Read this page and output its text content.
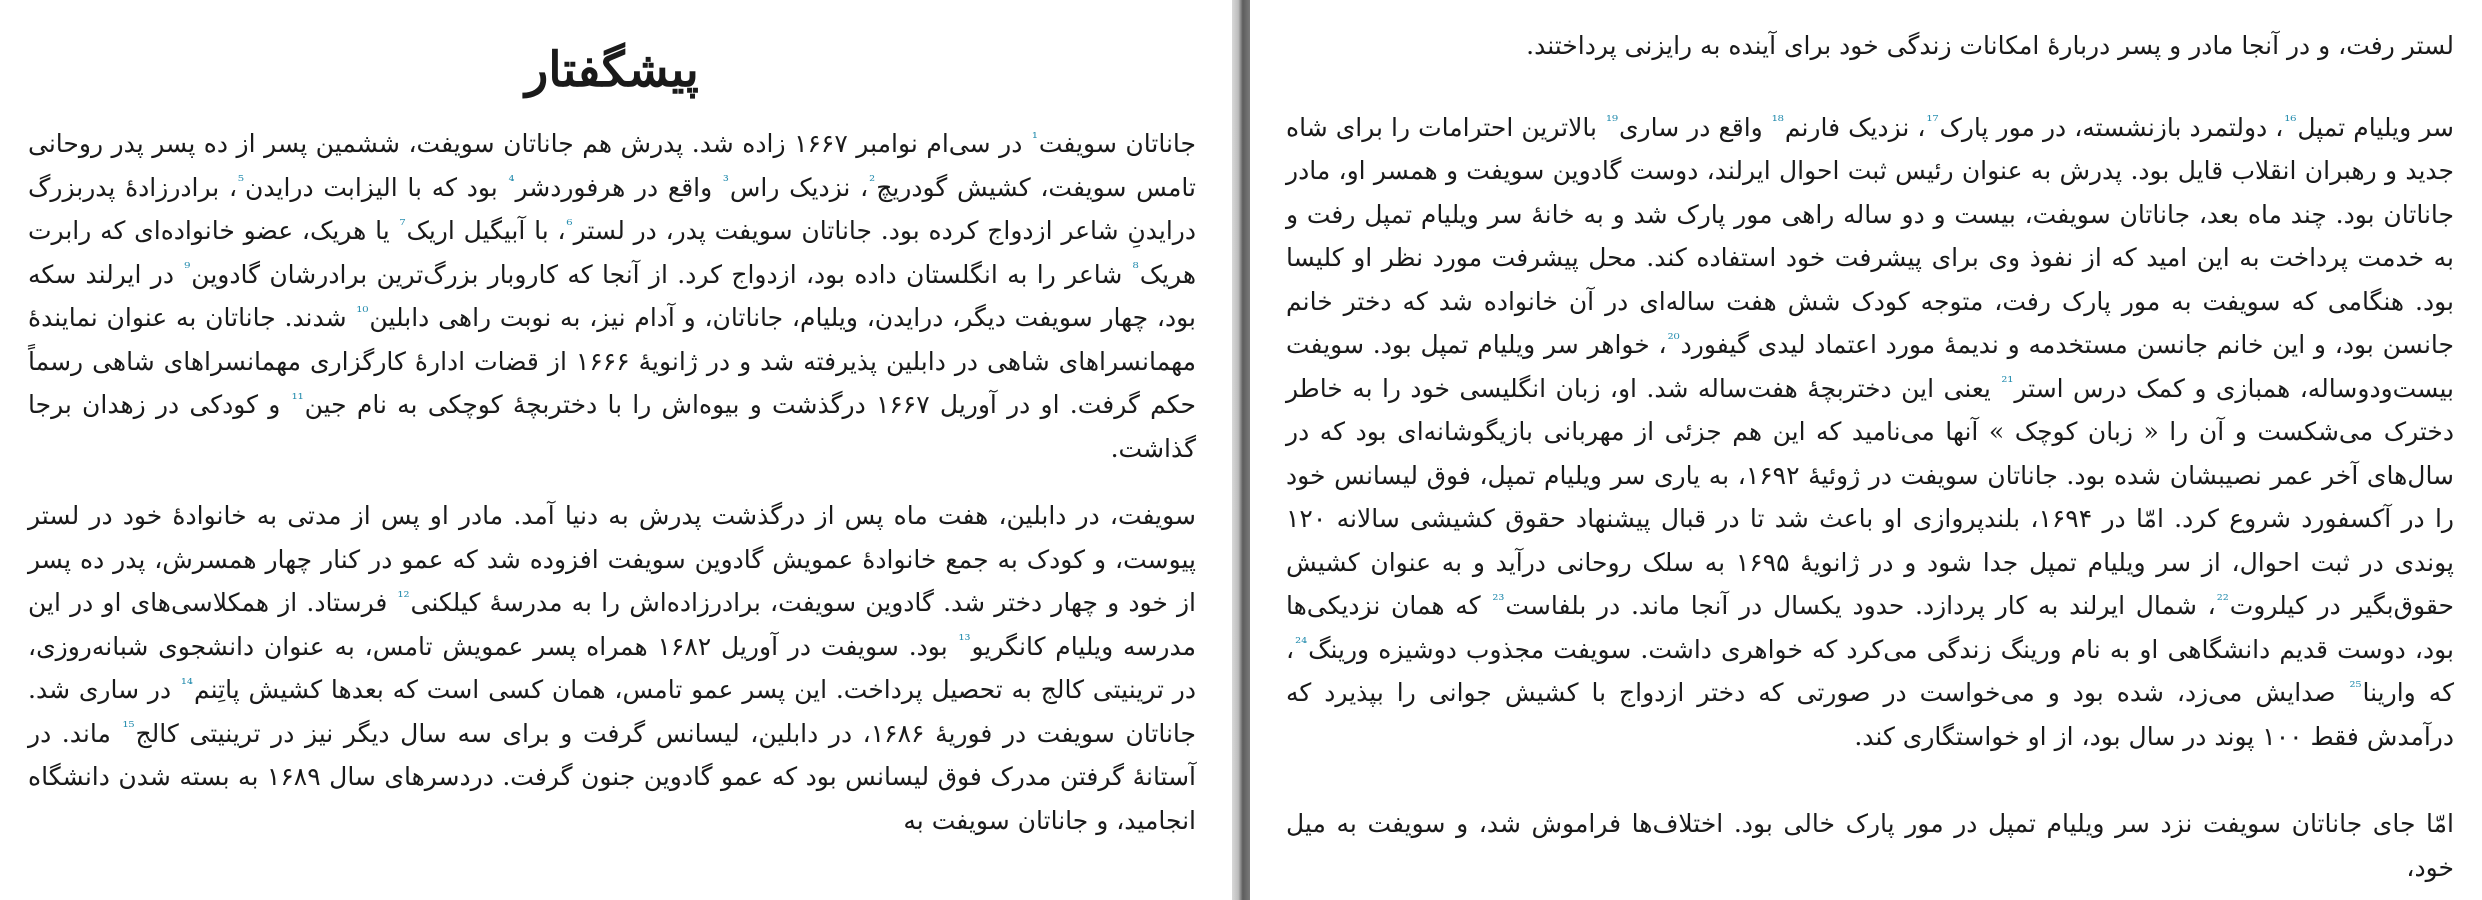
پیشگفتار

جاناتان سویفت$^{^1}$ در سی‌ام نوامبر ۱۶۶۷ زاده شد. پدرش هم جاناتان سویفت، ششمین پسر از ده پسر پدر روحانی تامس سویفت، کشیش گودریچ$^{^2}$، نزدیک راس$^{^3}$ واقع در هرفوردشر$^{^4}$ بود که با الیزابت درایدن$^{^5}$، برادرزادهٔ پدربزرگ درایدنِ شاعر ازدواج کرده بود. جاناتان سویفت پدر، در لستر$^{^6}$، با آبیگیل اریک$^{^7}$ یا هریک، عضو خانواده‌ای که رابرت هریک$^{^8}$ شاعر را به انگلستان داده بود، ازدواج کرد. از آنجا که کاروبار بزرگ‌ترین برادرشان گادوین$^{^9}$ در ایرلند سکه بود، چهار سویفت دیگر، درایدن، ویلیام، جاناتان، و آدام نیز، به نوبت راهی دابلین$^{^{10}}$ شدند. جاناتان به عنوان نمایندهٔ مهمانسراهای شاهی در دابلین پذیرفته شد و در ژانویهٔ ۱۶۶۶ از قضات ادارهٔ کارگزاری مهمانسراهای شاهی رسماً حکم گرفت. او در آوریل ۱۶۶۷ درگذشت و بیوه‌اش را با دختربچهٔ کوچکی به نام جین$^{^{11}}$ و کودکی در زهدان برجا گذاشت.

سویفت، در دابلین، هفت ماه پس از درگذشت پدرش به دنیا آمد. مادر او پس از مدتی به خانوادهٔ خود در لستر پیوست، و کودک به جمع خانوادهٔ عمویش گادوین سویفت افزوده شد که عمو در کنار چهار همسرش، پدر ده پسر از خود و چهار دختر شد. گادوین سویفت، برادرزاده‌اش را به مدرسهٔ کیلکنی$^{^{12}}$ فرستاد. از همکلاسی‌های او در این مدرسه ویلیام کانگریو$^{^{13}}$ بود. سویفت در آوریل ۱۶۸۲ همراه پسر عمویش تامس، به عنوان دانشجوی شبانه‌روزی، در ترینیتی کالج به تحصیل پرداخت. این پسر عمو تامس، همان کسی است که بعدها کشیش پاتِنم$^{^{14}}$ در ساری شد. جاناتان سویفت در فوریهٔ ۱۶۸۶، در دابلین، لیسانس گرفت و برای سه سال دیگر نیز در ترینیتی کالج$^{^{15}}$ ماند. در آستانهٔ گرفتن مدرک فوق لیسانس بود که عمو گادوین جنون گرفت. دردسرهای سال ۱۶۸۹ به بسته شدن دانشگاه انجامید، و جاناتان سویفت به

لستر رفت، و در آنجا مادر و پسر دربارهٔ امکانات زندگی خود برای آینده به رایزنی پرداختند.

سر ویلیام تمپل$^{^{16}}$، دولتمرد بازنشسته، در مور پارک$^{^{17}}$، نزدیک فارنم$^{^{18}}$ واقع در ساری$^{^{19}}$ بالاترین احترامات را برای شاه جدید و رهبران انقلاب قایل بود. پدرش به عنوان رئیس ثبت احوال ایرلند، دوست گادوین سویفت و همسر او، مادر جاناتان بود. چند ماه بعد، جاناتان سویفت، بیست و دو ساله راهی مور پارک شد و به خانهٔ سر ویلیام تمپل رفت و به خدمت پرداخت به این امید که از نفوذ وی برای پیشرفت خود استفاده کند. محل پیشرفت مورد نظر او کلیسا بود. هنگامی که سویفت به مور پارک رفت، متوجه کودک شش هفت ساله‌ای در آن خانواده شد که دختر خانم جانسن بود، و این خانم جانسن مستخدمه و ندیمهٔ مورد اعتماد لیدی گیفورد$^{^{20}}$، خواهر سر ویلیام تمپل بود. سویفت بیست‌ودوساله، همبازی و کمک درس استر$^{^{21}}$ یعنی این دختربچهٔ هفت‌ساله شد. او، زبان انگلیسی خود را به خاطر دخترک می‌شکست و آن را « زبان کوچک » آنها می‌نامید که این هم جزئی از مهربانی بازیگوشانه‌ای بود که در سال‌های آخر عمر نصیبشان شده بود. جاناتان سویفت در ژوئیهٔ ۱۶۹۲، به یاری سر ویلیام تمپل، فوق لیسانس خود را در آکسفورد شروع کرد. امّا در ۱۶۹۴، بلندپروازی او باعث شد تا در قبال پیشنهاد حقوق کشیشی سالانه ۱۲۰ پوندی در ثبت احوال، از سر ویلیام تمپل جدا شود و در ژانویهٔ ۱۶۹۵ به سلک روحانی درآید و به عنوان کشیش حقوق‌بگیر در کیلروت$^{^{22}}$، شمال ایرلند به کار پردازد. حدود یکسال در آنجا ماند. در بلفاست$^{^{23}}$ که همان نزدیکی‌ها بود، دوست قدیم دانشگاهی او به نام ورینگ زندگی می‌کرد که خواهری داشت. سویفت مجذوب دوشیزه ورینگ$^{^{24}}$، که وارینا$^{^{25}}$ صدایش می‌زد، شده بود و می‌خواست در صورتی که دختر ازدواج با کشیش جوانی را بپذیرد که درآمدش فقط ۱۰۰ پوند در سال بود، از او خواستگاری کند.

امّا جای جاناتان سویفت نزد سر ویلیام تمپل در مور پارک خالی بود. اختلاف‌ها فراموش شد، و سویفت به میل خود،
